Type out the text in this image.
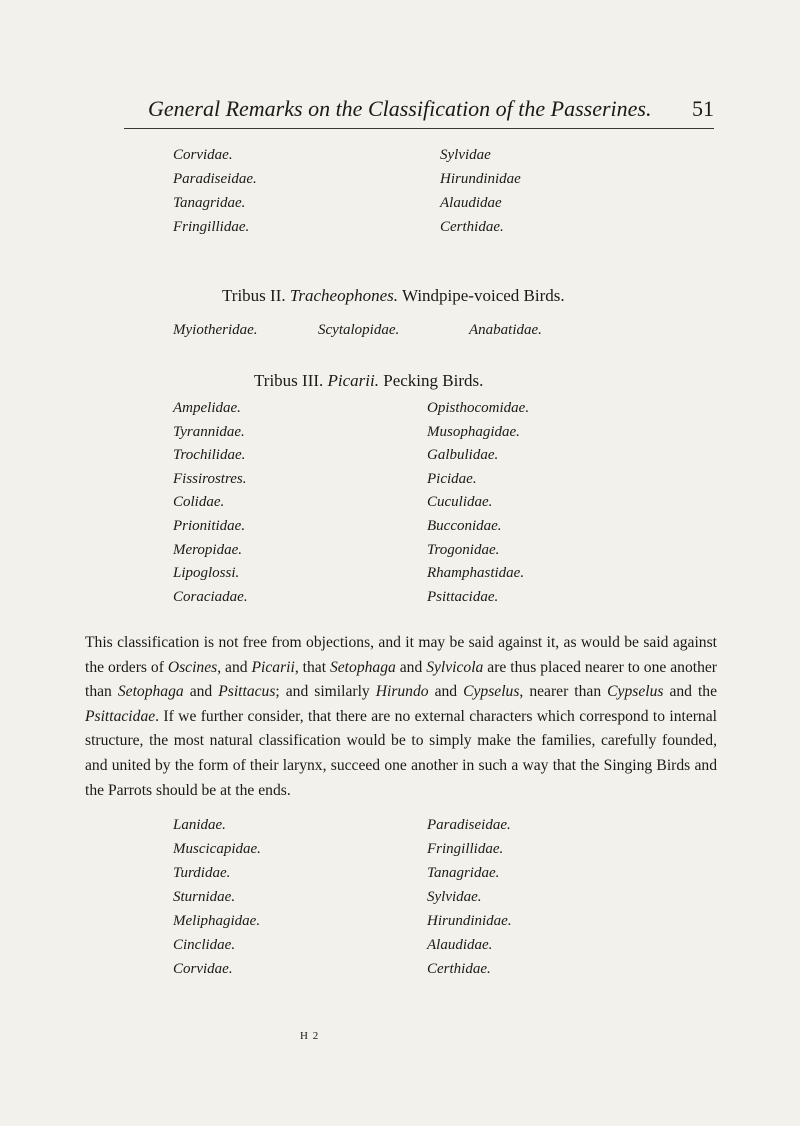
General Remarks on the Classification of the Passerines. 51
Corvidae.
Paradiseidae.
Tanagridae.
Fringillidae.
Sylvidae
Hirundinidae
Alaudidae
Certhidae.
Tribus II. Tracheophones. Windpipe-voiced Birds.
Myiotheridae.	Scytalopidae.	Anabatidae.
Tribus III. Picarii. Pecking Birds.
Ampelidae.
Tyrannidae.
Trochilidae.
Fissirostres.
Colidae.
Prionitidae.
Meropidae.
Lipoglossi.
Coraciadae.
Opisthocomidae.
Musophagidae.
Galbulidae.
Picidae.
Cuculidae.
Bucconidae.
Trogonidae.
Rhamphastidae.
Psittacidae.
This classification is not free from objections, and it may be said against it, as would be said against the orders of Oscines, and Picarii, that Setophaga and Sylvicola are thus placed nearer to one another than Setophaga and Psittacus; and similarly Hirundo and Cypselus, nearer than Cypselus and the Psittacidae. If we further consider, that there are no external characters which correspond to internal structure, the most natural classification would be to simply make the families, carefully founded, and united by the form of their larynx, succeed one another in such a way that the Singing Birds and the Parrots should be at the ends.
Lanidae.
Muscicapidae.
Turdidae.
Sturnidae.
Meliphagidae.
Cinclidae.
Corvidae.
Paradiseidae.
Fringillidae.
Tanagridae.
Sylvidae.
Hirundinidae.
Alaudidae.
Certhidae.
H 2
